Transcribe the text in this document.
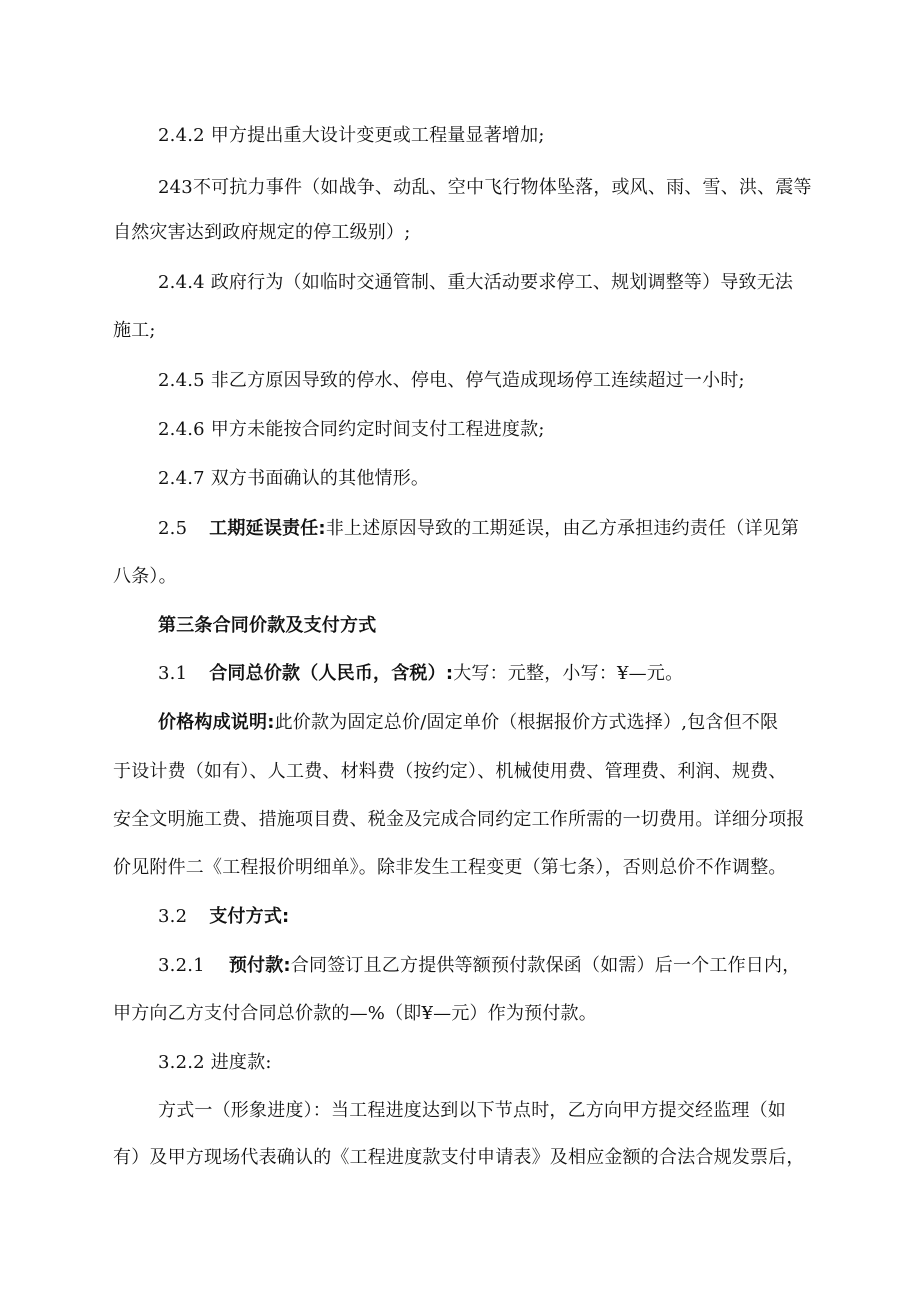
2.4.2 甲方提出重大设计变更或工程量显著增加;
243不可抗力事件（如战争、动乱、空中飞行物体坠落，或风、雨、雪、洪、震等
自然灾害达到政府规定的停工级别）;
2.4.4 政府行为（如临时交通管制、重大活动要求停工、规划调整等）导致无法
施工;
2.4.5 非乙方原因导致的停水、停电、停气造成现场停工连续超过一小时;
2.4.6 甲方未能按合同约定时间支付工程进度款;
2.4.7 双方书面确认的其他情形。
2.5 工期延误责任:非上述原因导致的工期延误，由乙方承担违约责任（详见第
八条）。
第三条合同价款及支付方式
3.1 合同总价款（人民币，含税）:大写：元整，小写：¥—元。
价格构成说明:此价款为固定总价/固定单价（根据报价方式选择）,包含但不限
于设计费（如有）、人工费、材料费（按约定）、机械使用费、管理费、利润、规费、
安全文明施工费、措施项目费、税金及完成合同约定工作所需的一切费用。详细分项报
价见附件二《工程报价明细单》。除非发生工程变更（第七条），否则总价不作调整。
3.2 支付方式:
3.2.1 预付款:合同签订且乙方提供等额预付款保函（如需）后一个工作日内，
甲方向乙方支付合同总价款的—%（即¥—元）作为预付款。
3.2.2 进度款:
方式一（形象进度）：当工程进度达到以下节点时，乙方向甲方提交经监理（如
有）及甲方现场代表确认的《工程进度款支付申请表》及相应金额的合法合规发票后，
